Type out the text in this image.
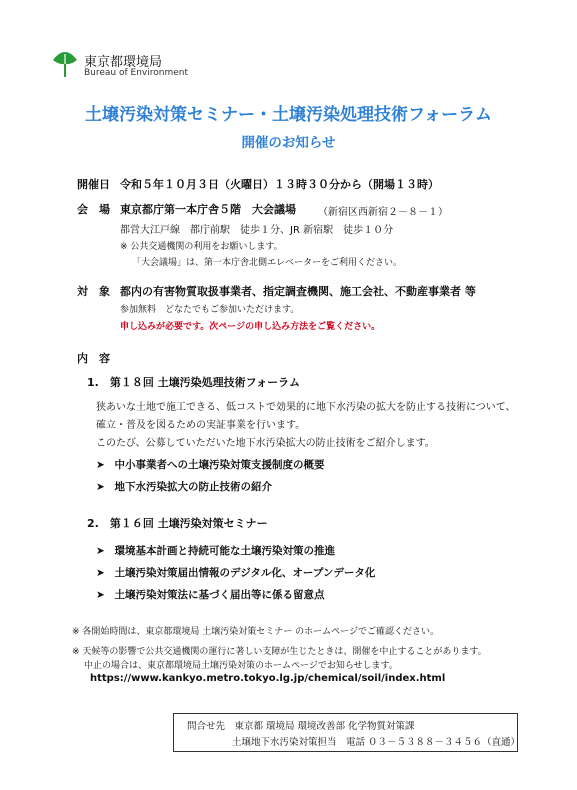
東京都環境局
Bureau of Environment
土壌汚染対策セミナー・土壌汚染処理技術フォーラム
開催のお知らせ
開催日 令和５年１０月３日（火曜日）１３時３０分から（開場１３時）
会　場 東京都庁第一本庁舎５階　大会議場 （新宿区西新宿２－８－１）
都営大江戸線　都庁前駅　徒歩１分、JR 新宿駅　徒歩１０分
※ 公共交通機関の利用をお願いします。
「大会議場」は、第一本庁舎北側エレベーターをご利用ください。
対　象 都内の有害物質取扱事業者、指定調査機関、施工会社、不動産事業者 等
参加無料　どなたでもご参加いただけます。
申し込みが必要です。次ページの申し込み方法をご覧ください。
内　容
1.　第１８回 土壌汚染処理技術フォーラム
狭あいな土地で施工できる、低コストで効果的に地下水汚染の拡大を防止する技術について、
確立・普及を図るための実証事業を行います。
このたび、公募していただいた地下水汚染拡大の防止技術をご紹介します。
➤ 中小事業者への土壌汚染対策支援制度の概要
➤ 地下水汚染拡大の防止技術の紹介
2.　第１６回 土壌汚染対策セミナー
➤ 環境基本計画と持続可能な土壌汚染対策の推進
➤ 土壌汚染対策届出情報のデジタル化、オープンデータ化
➤ 土壌汚染対策法に基づく届出等に係る留意点
※ 各開始時間は、東京都環境局 土壌汚染対策セミナー のホームページでご確認ください。
※ 天候等の影響で公共交通機関の運行に著しい支障が生じたときは、開催を中止することがあります。
中止の場合は、東京都環境局土壌汚染対策のホームページでお知らせします。
https://www.kankyo.metro.tokyo.lg.jp/chemical/soil/index.html
問合せ先　東京都 環境局 環境改善部 化学物質対策課
土壌地下水汚染対策担当　電話 ０３－５３８８－３４５６（直通）
